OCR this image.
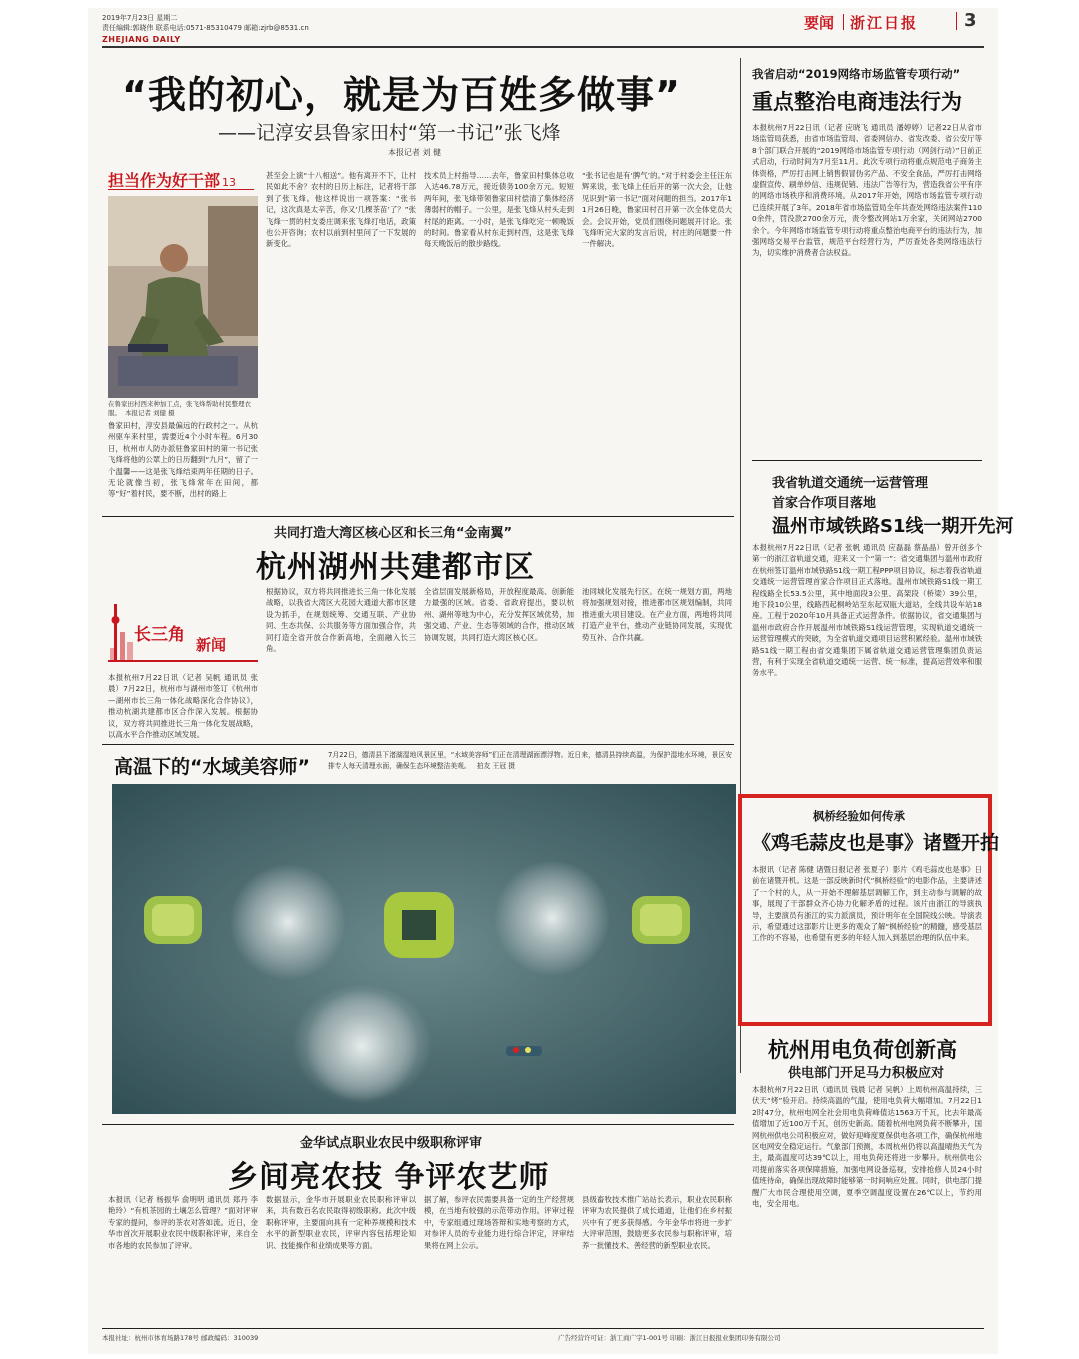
2019年7月23日 星期二
责任编辑:郭晓伟 联系电话:0571-85310479 邮箱:zjrb@8531.cn
ZHEJIANG DAILY
要闻 浙江日报	3
“我的初心，就是为百姓多做事”
——记淳安县鲁家田村“第一书记”张飞烽
本报记者 刘 健
担当作为好干部 13
在鲁家田村西来种加工点，张飞烽帮助村民整理衣服。 本报记者 刘健 摄
鲁家田村，淳安县最偏远的行政村之一。从杭州驱车来村里，需要近4个小时车程。6月30日，杭州市人防办派驻鲁家田村的第一书记张飞烽将他的公眾上的日历翻到“九月”，留了一个温馨——这是张飞烽结束两年任期的日子。无论就像当初，张飞烽常年在田间，都等“好”着村民，要不断，出村的路上
甚至会上演“十八相送”。他有离开不下，让村民如此不舍？农村的日历上标注，记者将干部到了张飞烽。他这样说出一项答案：“张书记，这次真是太辛苦，你又‘几棵茶苗’了？”张飞烽一贯的村支委庄调来张飞烽打电话，政策也公开咨询；农村以前到村里问了一下发展的新变化。
技术员上村指导……去年，鲁家田村集体总收入达46.78万元，接近债务100余万元。短短两年间，张飞烽带领鲁家田村偿清了集体经济薄弱村的帽子。一公里，是张飞烽从村头走到村尾的距离。一小时，是张飞烽吃完一顿晚饭的时间。鲁家看从村东走到村西，这是张飞烽每天晚饭后的散步路线。
“张书记也是有‘脾气’的。”对于村委会主任汪东辉来说，张飞烽上任后开的第一次大会，让他见识到“第一书记”面对问题的担当。2017年11月26日晚，鲁家田村召开第一次全体党员大会。会议开始，党员们围绕问题展开讨论。张飞烽听完大家的发言后说，村庄的问题要一件一件解决。
我省启动“2019网络市场监管专项行动”
重点整治电商违法行为
本报杭州7月22日讯（记者 应晓飞 通讯员 潘婷婷）记者22日从省市场监管局获悉，由省市场监管局、省委网信办、省发改委、省公安厅等8个部门联合开展的“2019网络市场监管专项行动（网剑行动）”日前正式启动，行动时间为7月至11月。此次专项行动将重点规范电子商务主体资格，严厉打击网上销售假冒伪劣产品、不安全食品，严厉打击网络虚假宣传、刷单炒信、违规促销、违法广告等行为，营造我省公平有序的网络市场秩序和消费环境。从2017年开始，网络市场监管专项行动已连续开展了3年。2018年省市场监管局全年共查处网络违法案件1100余件，罚没款2700余万元，责令整改网站1万余家，关闭网站2700余个。今年网络市场监管专项行动将重点整治电商平台的违法行为，加强网络交易平台监管，规范平台经营行为，严厉查处各类网络违法行为，切实维护消费者合法权益。
我省轨道交通统一运营管理
首家合作项目落地
温州市域铁路S1线一期开先河
本报杭州7月22日讯（记者 张帆 通讯员 应磊磊 蔡晶晶）曾开创多个第一的浙江省轨道交通，迎来又一个“第一”：省交通集团与温州市政府在杭州签订温州市域铁路S1线一期工程PPP项目协议，标志着我省轨道交通统一运营管理首家合作项目正式落地。温州市域铁路S1线一期工程线路全长53.5公里，其中地面段3公里、高架段（桥梁）39公里，地下段10公里，线路西起桐岭站至东起双瓯大道站，全线共设车站18座。工程于2020年10月具备正式运营条件。依据协议，省交通集团与温州市政府合作开展温州市域铁路S1线运营管理，实现轨道交通统一运营管理模式的突破，为全省轨道交通项目运营积累经验。温州市域铁路S1线一期工程由省交通集团下属省轨道交通运营管理集团负责运营，有利于实现全省轨道交通统一运营、统一标准，提高运营效率和服务水平。
枫桥经验如何传承
《鸡毛蒜皮也是事》诸暨开拍
本报讯（记者 陈健 诸暨日报记者 张夏子）影片《鸡毛蒜皮也是事》日前在诸暨开机。这是一部反映新时代“枫桥经验”的电影作品，主要讲述了一个村的人，从一开始不理解基层调解工作，到主动参与调解的故事，展现了干部群众齐心协力化解矛盾的过程。该片由浙江的导演执导，主要演员有浙江的实力派演员，预计明年在全国院线公映。导演表示，希望通过这部影片让更多的观众了解“枫桥经验”的精髓，感受基层工作的不容易，也希望有更多的年轻人加入到基层治理的队伍中来。
杭州用电负荷创新高
供电部门开足马力积极应对
本报杭州7月22日讯（通讯员 钱晨 记者 吴帆）上周杭州高温持续，三伏天“烤”验开启。持续高温的气温，使用电负荷大幅增加。7月22日12时47分，杭州电网全社会用电负荷峰值达1563万千瓦，比去年最高值增加了近100万千瓦，创历史新高。随着杭州电网负荷不断攀升，国网杭州供电公司积极应对，做好迎峰度夏保供电各项工作，确保杭州地区电网安全稳定运行。气象部门预测，本周杭州仍将以高温晴热天气为主，最高温度可达39℃以上，用电负荷还将进一步攀升。杭州供电公司提前落实各项保障措施，加强电网设备巡视，安排抢修人员24小时值班待命，确保出现故障时能够第一时间响应处置。同时，供电部门提醒广大市民合理使用空调，夏季空调温度设置在26℃以上，节约用电，安全用电。
共同打造大湾区核心区和长三角“金南翼”
杭州湖州共建都市区
长三角 新闻
本报杭州7月22日讯（记者 吴帆 通讯员 张晨）7月22日，杭州市与湖州市签订《杭州市—湖州市长三角一体化战略深化合作协议》，推动杭湖共建都市区合作深入发展。根据协议，双方将共同推进长三角一体化发展战略，以高水平合作推动区域发展。
根据协议，双方将共同推进长三角一体化发展战略，以我省大湾区大花园大通道大都市区建设为抓手，在规划统筹、交通互联、产业协同、生态共保、公共服务等方面加强合作，共同打造全省开放合作新高地，全面融入长三角。
全省层面发展新格局，开放程度最高、创新能力最强的区域。省委、省政府提出，要以杭州、湖州等地为中心，充分发挥区域优势，加强交通、产业、生态等领域的合作，推动区域协调发展，共同打造大湾区核心区。
池同城化发展先行区。在统一规划方面，两地将加强规划对接，推进都市区规划编制，共同推进重大项目建设。在产业方面，两地将共同打造产业平台，推动产业链协同发展，实现优势互补、合作共赢。
高温下的“水域美容师”
7月22日，德清县下渚湖湿地风景区里，“水域美容师”们正在清理湖面漂浮物。近日来，德清县持续高温，为保护湿地水环境，景区安排专人每天清理水面，确保生态环境整洁美观。 拍友 王冠 摄
金华试点职业农民中级职称评审
乡间亮农技 争评农艺师
本报讯（记者 杨振华 俞明明 通讯员 郑丹 李艳玲）“有机茶园的土壤怎么管理？”面对评审专家的提问，参评的茶农对答如流。近日，金华市首次开展职业农民中级职称评审，来自全市各地的农民参加了评审。
数据显示，金华市开展职业农民职称评审以来，共有数百名农民取得初级职称。此次中级职称评审，主要面向具有一定种养规模和技术水平的新型职业农民，评审内容包括理论知识、技能操作和业绩成果等方面。
据了解，参评农民需要具备一定的生产经营规模，在当地有较强的示范带动作用。评审过程中，专家组通过现场答辩和实地考察的方式，对参评人员的专业能力进行综合评定，评审结果将在网上公示。
县级畜牧技术推广站站长表示，职业农民职称评审为农民提供了成长通道，让他们在乡村振兴中有了更多获得感。今年金华市将进一步扩大评审范围，鼓励更多农民参与职称评审，培养一批懂技术、善经营的新型职业农民。
本报社址：杭州市体育场路178号 邮政编码：310039	广告经营许可证：浙工商广字1-001号 印刷：浙江日报报业集团印务有限公司
